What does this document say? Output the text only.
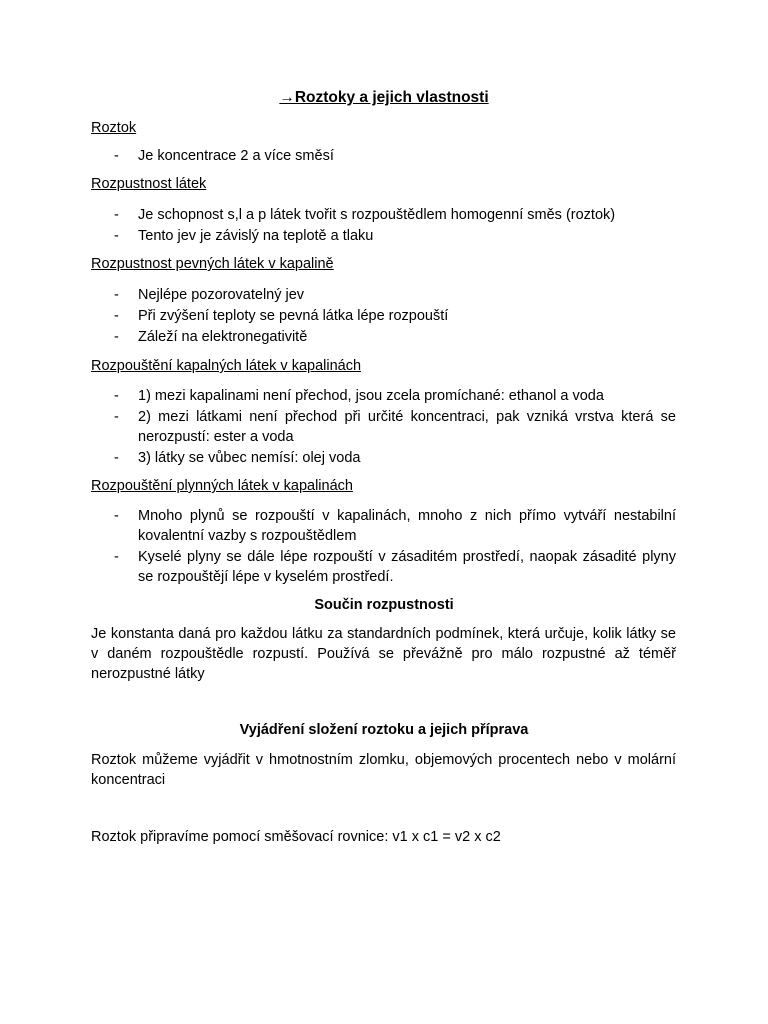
→Roztoky a jejich vlastnosti
Roztok
- Je koncentrace 2 a více směsí
Rozpustnost látek
- Je schopnost s,l a p látek tvořit s rozpouštědlem homogenní směs (roztok)
- Tento jev je závislý na teplotě a tlaku
Rozpustnost pevných látek v kapalině
- Nejlépe pozorovatelný jev
- Při zvýšení teploty se pevná látka lépe rozpouští
- Záleží na elektronegativitě
Rozpouštění kapalných látek v kapalinách
- 1) mezi kapalinami není přechod, jsou zcela promíchané: ethanol a voda
- 2) mezi látkami není přechod při určité koncentraci, pak vzniká vrstva která se nerozpustí: ester a voda
- 3) látky se vůbec nemísí: olej voda
Rozpouštění plynných látek v kapalinách
- Mnoho plynů se rozpouští v kapalinách, mnoho z nich přímo vytváří nestabilní kovalentní vazby s rozpouštědlem
- Kyselé plyny se dále lépe rozpouští v zásaditém prostředí, naopak zásadité plyny se rozpouštějí lépe v kyselém prostředí.
Součin rozpustnosti

Je konstanta daná pro každou látku za standardních podmínek, která určuje, kolik látky se v daném rozpouštědle rozpustí. Používá se převážně pro málo rozpustné až téměř nerozpustné látky

Vyjádření složení roztoku a jejich příprava

Roztok můžeme vyjádřit v hmotnostním zlomku, objemových procentech nebo v molární koncentraci

Roztok připravíme pomocí směšovací rovnice: v1 x c1 = v2 x c2
